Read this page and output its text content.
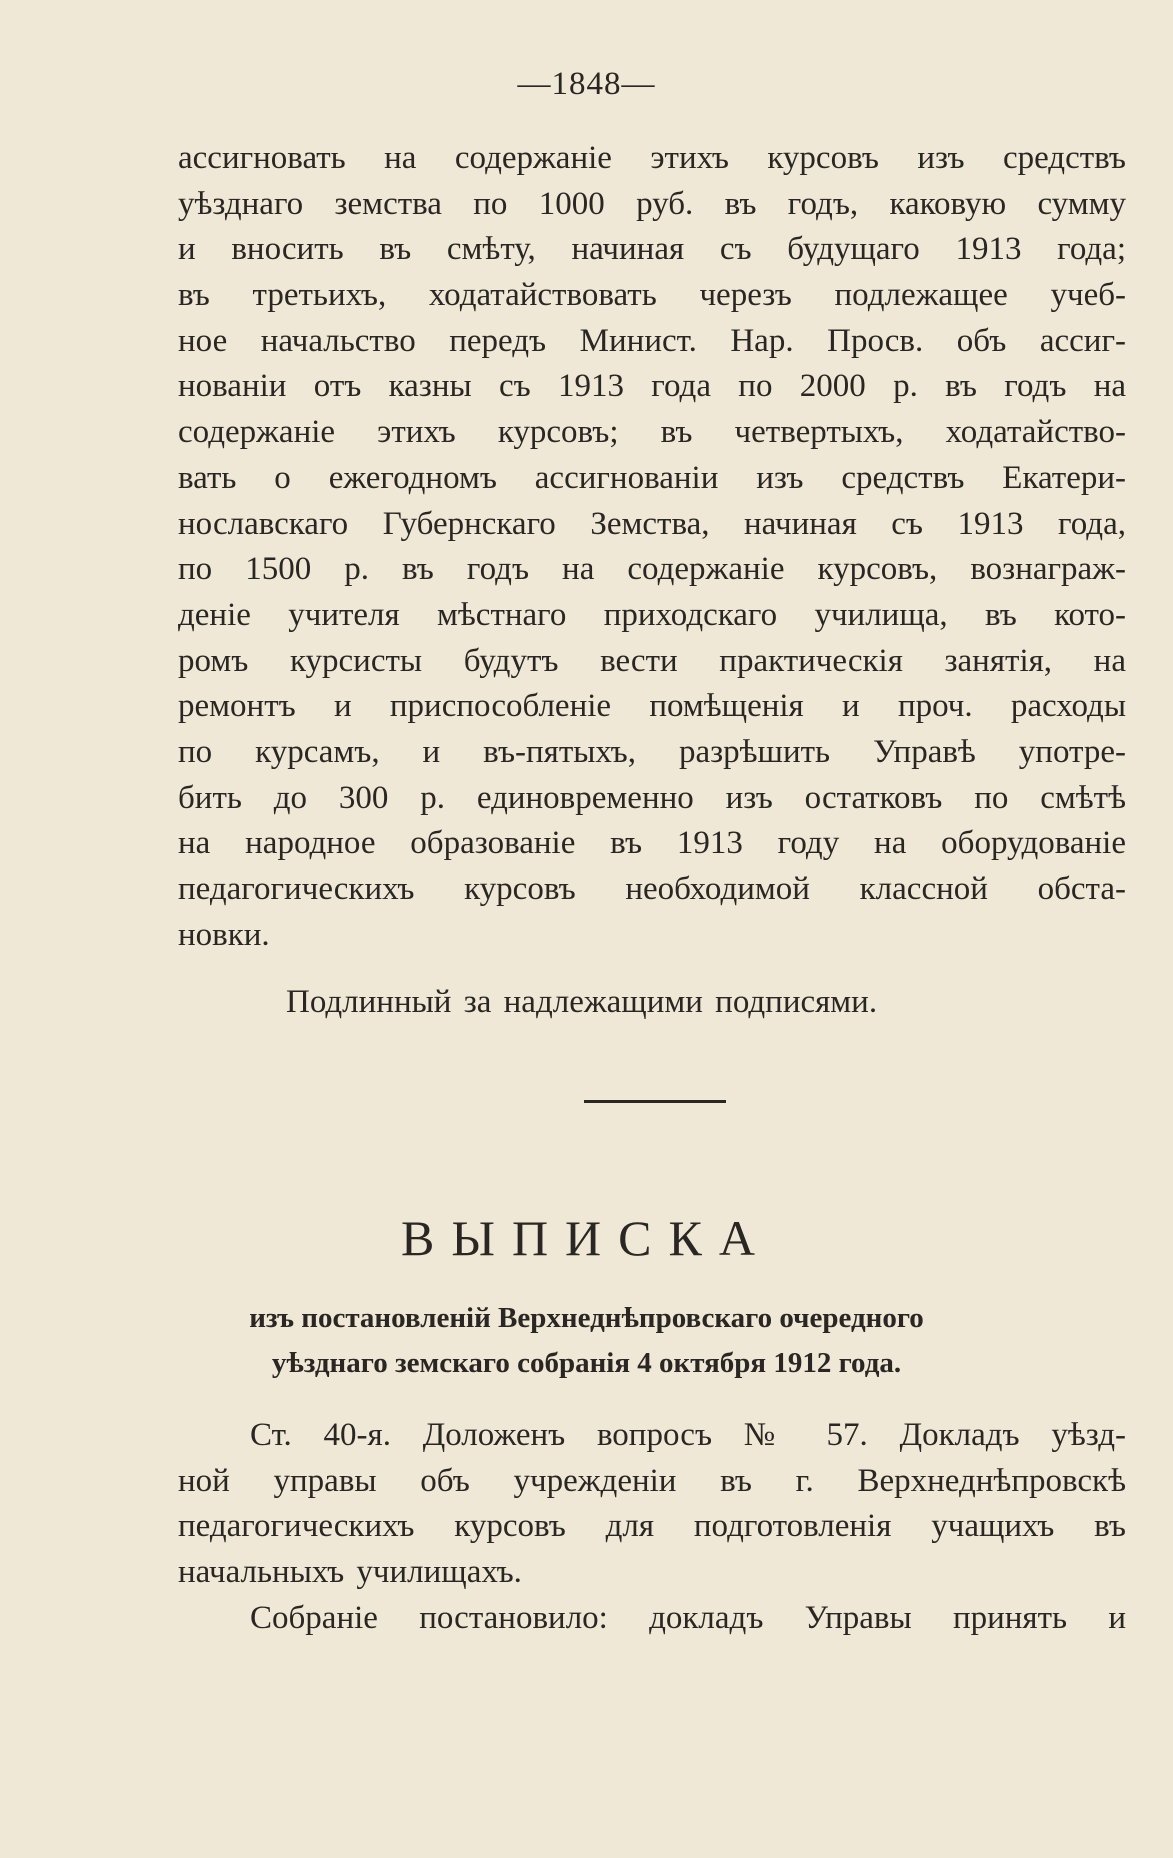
—1848—
ассигновать на содержаніе этихъ курсовъ изъ средствъ
уѣзднаго земства по 1000 руб. въ годъ, каковую сумму
и вносить въ смѣту, начиная съ будущаго 1913 года;
въ третьихъ, ходатайствовать черезъ подлежащее учеб-
ное начальство передъ Минист. Нар. Просв. объ ассиг-
нованіи отъ казны съ 1913 года по 2000 р. въ годъ на
содержаніе этихъ курсовъ; въ четвертыхъ, ходатайство-
вать о ежегодномъ ассигнованіи изъ средствъ Екатери-
нославскаго Губернскаго Земства, начиная съ 1913 года,
по 1500 р. въ годъ на содержаніе курсовъ, вознаграж-
деніе учителя мѣстнаго приходскаго училища, въ кото-
ромъ курсисты будутъ вести практическія занятія, на
ремонтъ и приспособленіе помѣщенія и проч. расходы
по курсамъ, и въ-пятыхъ, разрѣшить Управѣ употре-
бить до 300 р. единовременно изъ остатковъ по смѣтѣ
на народное образованіе въ 1913 году на оборудованіе
педагогическихъ курсовъ необходимой классной обста-
новки.
Подлинный за надлежащими подписями.
ВЫПИСКА
изъ постановленій Верхнеднѣпровскаго очередного
уѣзднаго земскаго собранія 4 октября 1912 года.
Ст. 40-я. Доложенъ вопросъ № 57. Докладъ уѣзд-
ной управы объ учрежденіи въ г. Верхнеднѣпровскѣ
педагогическихъ курсовъ для подготовленія учащихъ въ
начальныхъ училищахъ.
Собраніе постановило: докладъ Управы принять и
